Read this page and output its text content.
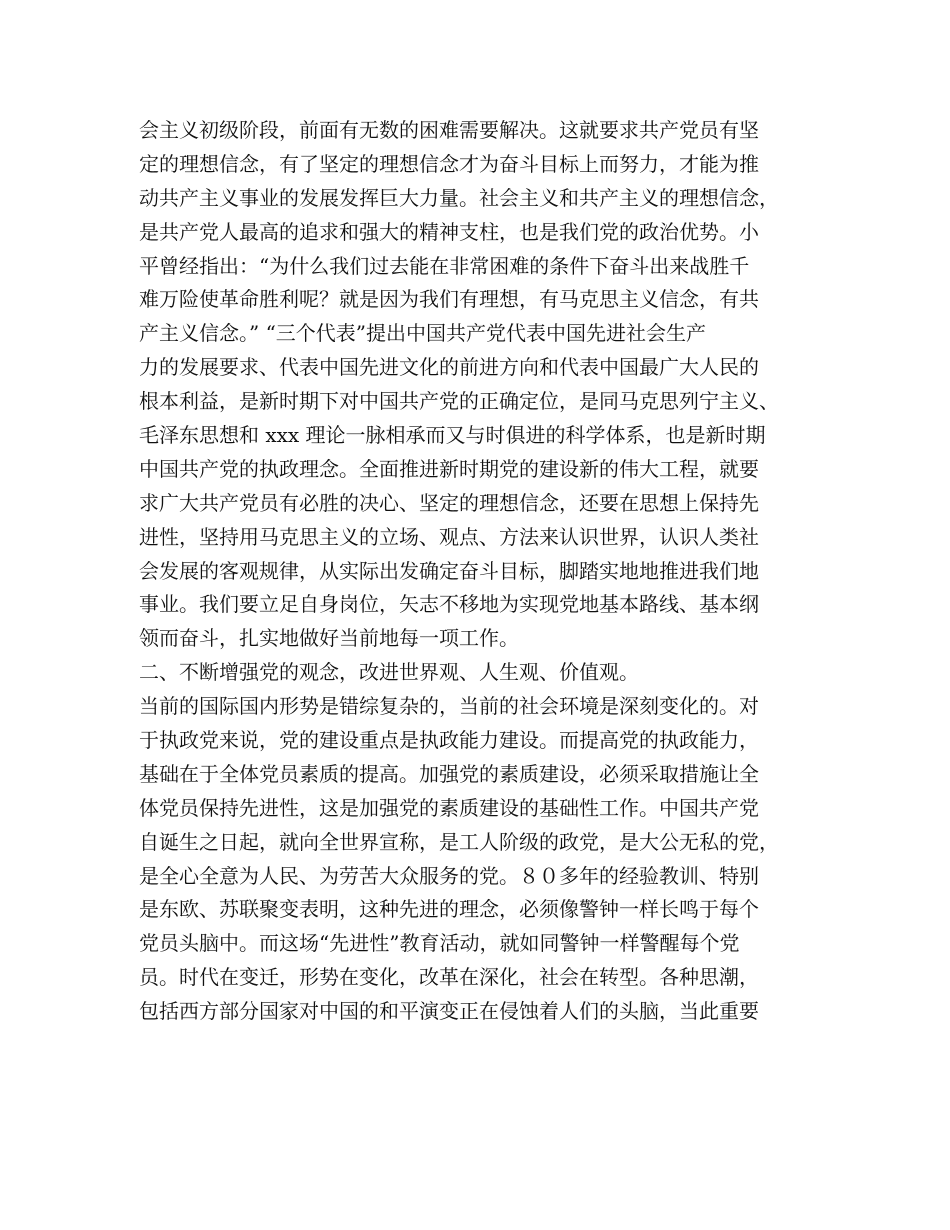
会主义初级阶段，前面有无数的困难需要解决。这就要求共产党员有坚
定的理想信念，有了坚定的理想信念才为奋斗目标上而努力，才能为推
动共产主义事业的发展发挥巨大力量。社会主义和共产主义的理想信念，
是共产党人最高的追求和强大的精神支柱，也是我们党的政治优势。小
平曾经指出：“为什么我们过去能在非常困难的条件下奋斗出来战胜千
难万险使革命胜利呢？就是因为我们有理想，有马克思主义信念，有共
产主义信念。” “三个代表”提出中国共产党代表中国先进社会生产
力的发展要求、代表中国先进文化的前进方向和代表中国最广大人民的
根本利益，是新时期下对中国共产党的正确定位，是同马克思列宁主义、
毛泽东思想和 xxx 理论一脉相承而又与时俱进的科学体系，也是新时期
中国共产党的执政理念。全面推进新时期党的建设新的伟大工程，就要
求广大共产党员有必胜的决心、坚定的理想信念，还要在思想上保持先
进性，坚持用马克思主义的立场、观点、方法来认识世界，认识人类社
会发展的客观规律，从实际出发确定奋斗目标，脚踏实地地推进我们地
事业。我们要立足自身岗位，矢志不移地为实现党地基本路线、基本纲
领而奋斗，扎实地做好当前地每一项工作。
二、不断增强党的观念，改进世界观、人生观、价值观。
当前的国际国内形势是错综复杂的，当前的社会环境是深刻变化的。对
于执政党来说，党的建设重点是执政能力建设。而提高党的执政能力，
基础在于全体党员素质的提高。加强党的素质建设，必须采取措施让全
体党员保持先进性，这是加强党的素质建设的基础性工作。中国共产党
自诞生之日起，就向全世界宣称，是工人阶级的政党，是大公无私的党，
是全心全意为人民、为劳苦大众服务的党。８０多年的经验教训、特别
是东欧、苏联聚变表明，这种先进的理念，必须像警钟一样长鸣于每个
党员头脑中。而这场“先进性”教育活动，就如同警钟一样警醒每个党
员。时代在变迁，形势在变化，改革在深化，社会在转型。各种思潮，
包括西方部分国家对中国的和平演变正在侵蚀着人们的头脑，当此重要
